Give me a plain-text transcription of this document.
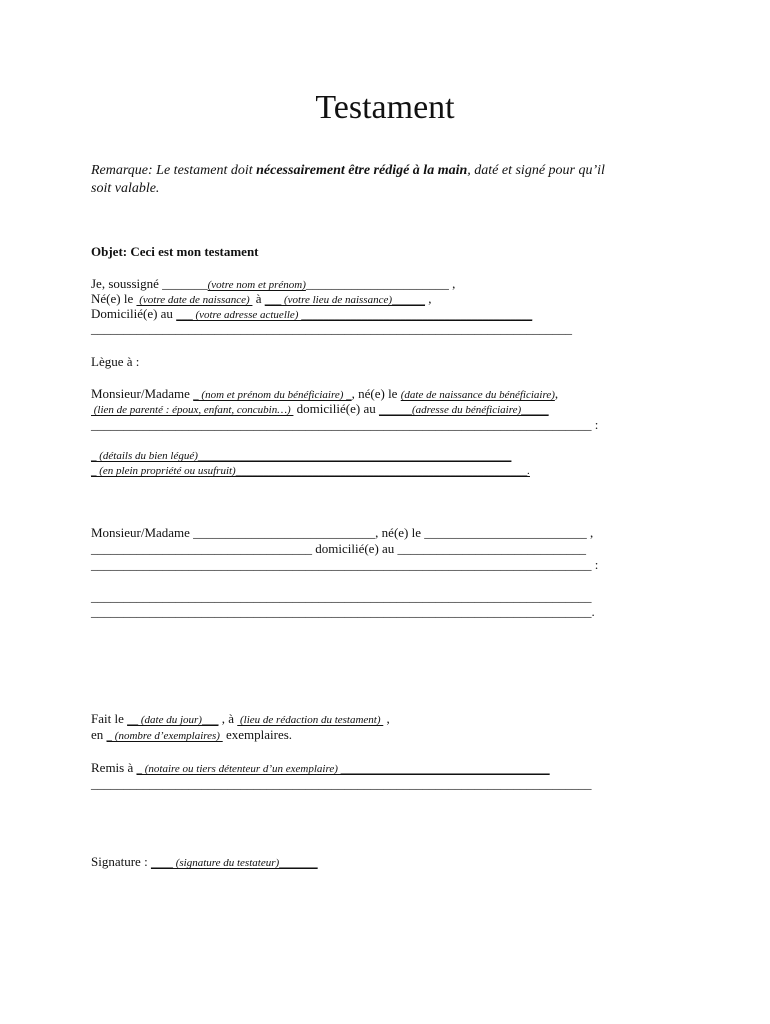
Testament
Remarque: Le testament doit nécessairement être rédigé à la main, daté et signé pour qu’il
soit valable.
Objet: Ceci est mon testament
Je, soussigné _______(votre nom et prénom)______________________ ,
Né(e) le  (votre date de naissance)  à ___ (votre lieu de naissance)______ ,
Domicilié(e) au ___ (votre adresse actuelle) __________________________________________
__________________________________________________________________________
Lègue à :
Monsieur/Madame _ (nom et prénom du bénéficiaire) _, né(e) le (date de naissance du bénéficiaire),
(lien de parenté : époux, enfant, concubin…)  domicilié(e) au ______(adresse du bénéficiaire)_____
_____________________________________________________________________________ :
_ (détails du bien légué)_________________________________________________________
_ (en plein propriété ou usufruit)_____________________________________________________.
Monsieur/Madame ____________________________, né(e) le _________________________ ,
__________________________________ domicilié(e) au _____________________________
_____________________________________________________________________________ :
_____________________________________________________________________________
_____________________________________________________________________________.
Fait le __ (date du jour)___ , à  (lieu de rédaction du testament)  ,
en _ (nombre d’exemplaires)  exemplaires.
Remis à _ (notaire ou tiers détenteur d’un exemplaire) ______________________________________
_____________________________________________________________________________
Signature : ____ (signature du testateur)_______
